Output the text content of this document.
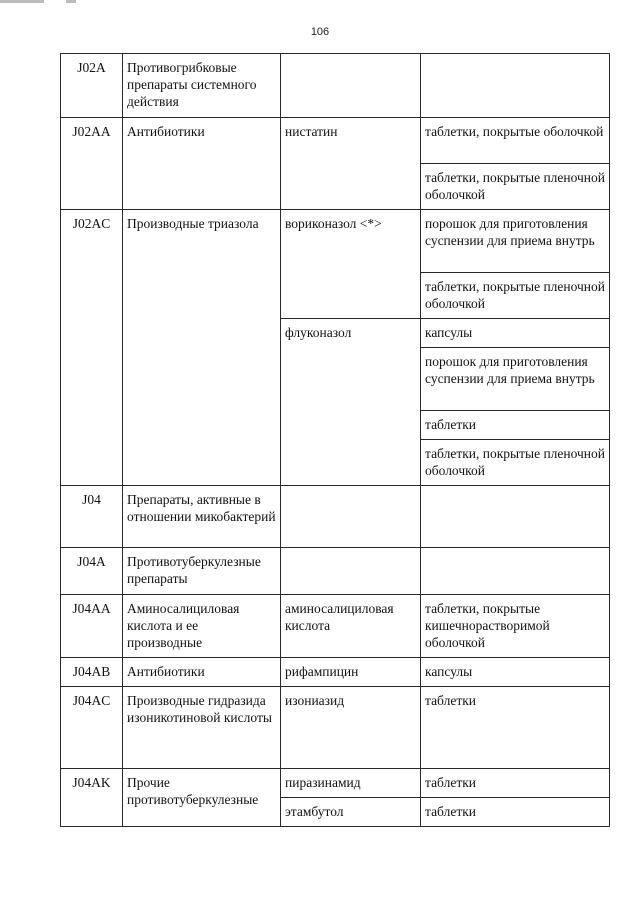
106
J02A	Противогрибковые препараты системного действия		
J02AA	Антибиотики	нистатин	таблетки, покрытые оболочкой
			таблетки, покрытые пленочной оболочкой
J02AC	Производные триазола	вориконазол <*>	порошок для приготовления суспензии для приема внутрь
			таблетки, покрытые пленочной оболочкой
		флуконазол	капсулы
			порошок для приготовления суспензии для приема внутрь
			таблетки
			таблетки, покрытые пленочной оболочкой
J04	Препараты, активные в отношении микобактерий		
J04A	Противотуберкулезные препараты		
J04AA	Аминосалициловая кислота и ее производные	аминосалициловая кислота	таблетки, покрытые кишечнорастворимой оболочкой
J04AB	Антибиотики	рифампицин	капсулы
J04AC	Производные гидразида изоникотиновой кислоты	изониазид	таблетки
J04AK	Прочие противотуберкулезные	пиразинамид	таблетки
		этамбутол	таблетки
